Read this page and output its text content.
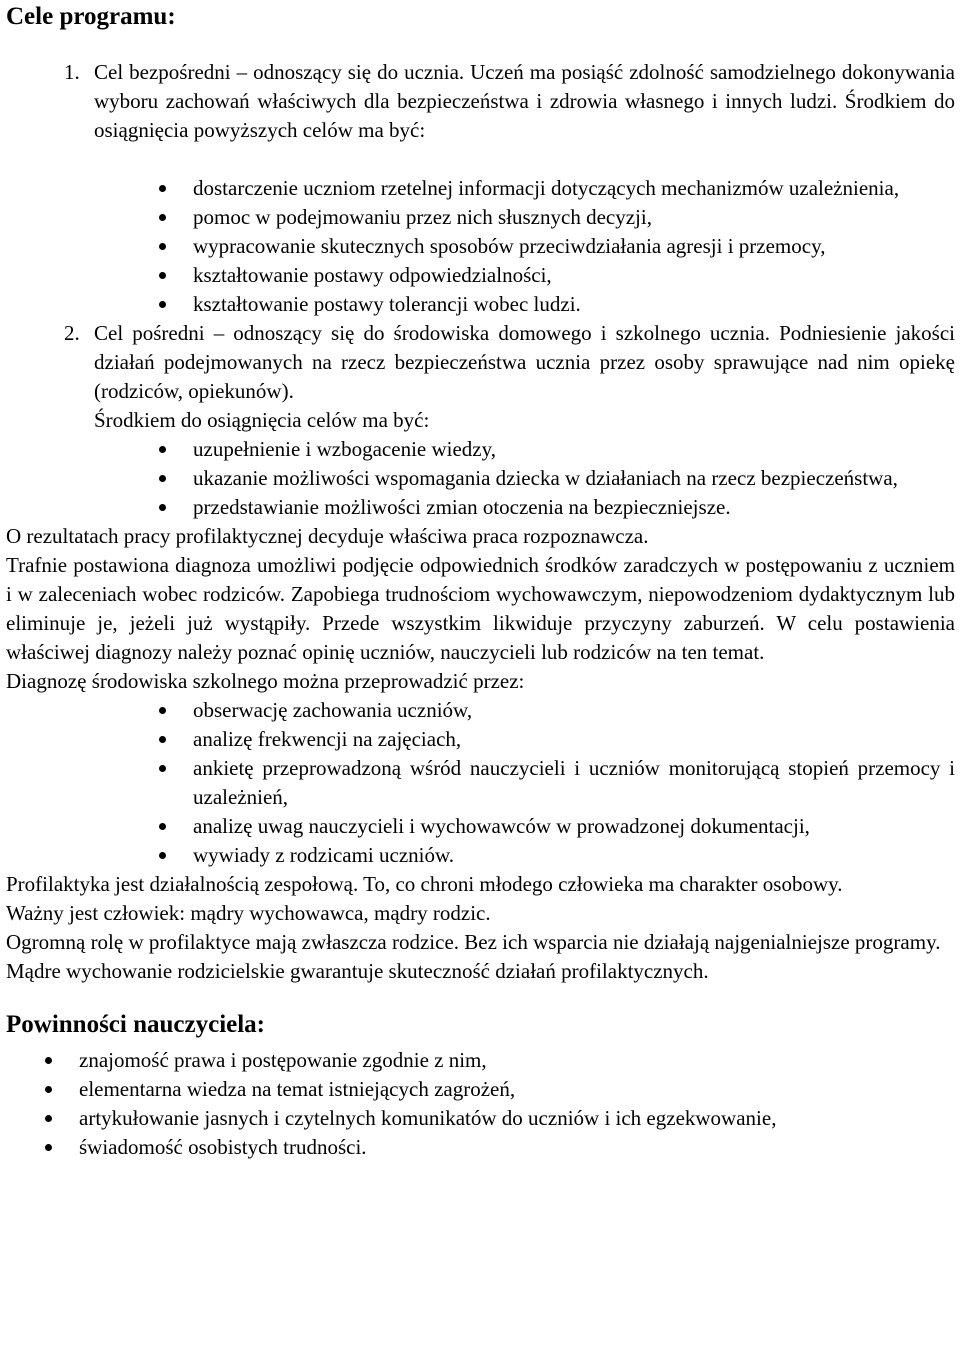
Cele programu:

1. Cel bezpośredni – odnoszący się do ucznia. Uczeń ma posiąść zdolność samodzielnego dokonywania wyboru zachowań właściwych dla bezpieczeństwa i zdrowia własnego i innych ludzi. Środkiem do osiągnięcia powyższych celów ma być:

dostarczenie uczniom rzetelnej informacji dotyczących mechanizmów uzależnienia,
pomoc w podejmowaniu przez nich słusznych decyzji,
wypracowanie skutecznych sposobów przeciwdziałania agresji i przemocy,
kształtowanie postawy odpowiedzialności,
kształtowanie postawy tolerancji wobec ludzi.

2. Cel pośredni – odnoszący się do środowiska domowego i szkolnego ucznia. Podniesienie jakości działań podejmowanych na rzecz bezpieczeństwa ucznia przez osoby sprawujące nad nim opiekę (rodziców, opiekunów).

Środkiem do osiągnięcia celów ma być:

uzupełnienie i wzbogacenie wiedzy,
ukazanie możliwości wspomagania dziecka w działaniach na rzecz bezpieczeństwa,
przedstawianie możliwości zmian otoczenia na bezpieczniejsze.

O rezultatach pracy profilaktycznej decyduje właściwa praca rozpoznawcza.

Trafnie postawiona diagnoza umożliwi podjęcie odpowiednich środków zaradczych w postępowaniu z uczniem i w zaleceniach wobec rodziców. Zapobiega trudnościom wychowawczym, niepowodzeniom dydaktycznym lub eliminuje je, jeżeli już wystąpiły. Przede wszystkim likwiduje przyczyny zaburzeń. W celu postawienia właściwej diagnozy należy poznać opinię uczniów, nauczycieli lub rodziców na ten temat.

Diagnozę środowiska szkolnego można przeprowadzić przez:

obserwację zachowania uczniów,
analizę frekwencji na zajęciach,
ankietę przeprowadzoną wśród nauczycieli i uczniów monitorującą stopień przemocy i uzależnień,
analizę uwag nauczycieli i wychowawców w prowadzonej dokumentacji,
wywiady z rodzicami uczniów.

Profilaktyka jest działalnością zespołową. To, co chroni młodego człowieka ma charakter osobowy.

Ważny jest człowiek: mądry wychowawca, mądry rodzic.

Ogromną rolę w profilaktyce mają zwłaszcza rodzice. Bez ich wsparcia nie działają najgenialniejsze programy.

Mądre wychowanie rodzicielskie gwarantuje skuteczność działań profilaktycznych.

Powinności nauczyciela:
znajomość prawa i postępowanie zgodnie z nim,
elementarna wiedza na temat istniejących zagrożeń,
artykułowanie jasnych i czytelnych komunikatów do uczniów i ich egzekwowanie,
świadomość osobistych trudności.
